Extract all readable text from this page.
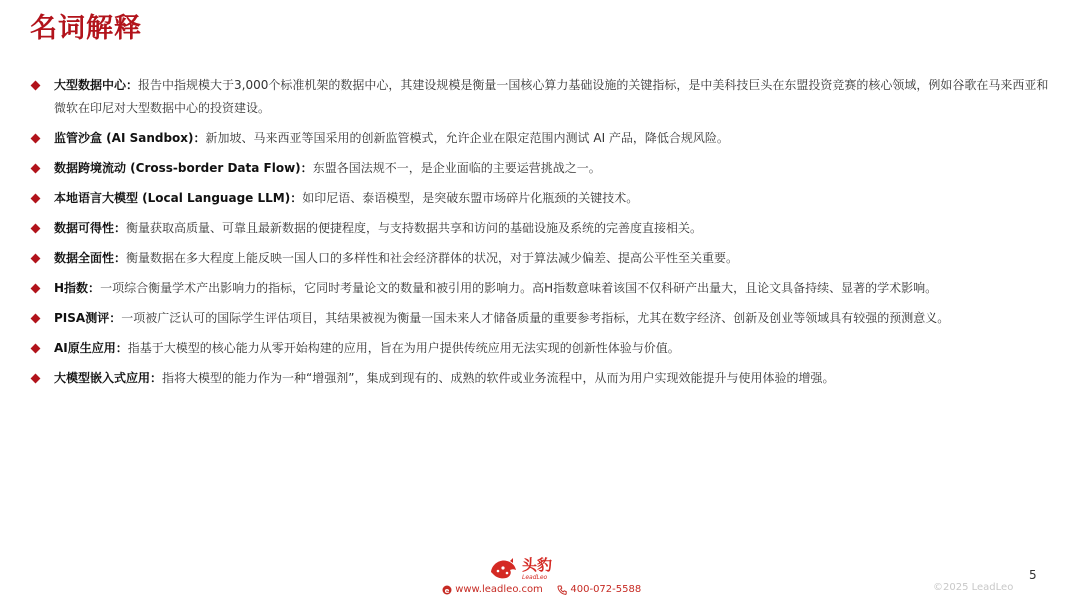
名词解释
大型数据中心：报告中指规模大于3,000个标准机架的数据中心，其建设规模是衡量一国核心算力基础设施的关键指标，是中美科技巨头在东盟投资竞赛的核心领域，例如谷歌在马来西亚和微软在印尼对大型数据中心的投资建设。
监管沙盒 (AI Sandbox)：新加坡、马来西亚等国采用的创新监管模式，允许企业在限定范围内测试 AI 产品，降低合规风险。
数据跨境流动 (Cross-border Data Flow)：东盟各国法规不一，是企业面临的主要运营挑战之一。
本地语言大模型 (Local Language LLM)：如印尼语、泰语模型，是突破东盟市场碎片化瓶颈的关键技术。
数据可得性：衡量获取高质量、可靠且最新数据的便捷程度，与支持数据共享和访问的基础设施及系统的完善度直接相关。
数据全面性：衡量数据在多大程度上能反映一国人口的多样性和社会经济群体的状况，对于算法减少偏差、提高公平性至关重要。
H指数：一项综合衡量学术产出影响力的指标，它同时考量论文的数量和被引用的影响力。高H指数意味着该国不仅科研产出量大，且论文具备持续、显著的学术影响。
PISA测评：一项被广泛认可的国际学生评估项目，其结果被视为衡量一国未来人才储备质量的重要参考指标，尤其在数字经济、创新及创业等领域具有较强的预测意义。
AI原生应用：指基于大模型的核心能力从零开始构建的应用，旨在为用户提供传统应用无法实现的创新性体验与价值。
大模型嵌入式应用：指将大模型的能力作为一种“增强剂”，集成到现有的、成熟的软件或业务流程中，从而为用户实现效能提升与使用体验的增强。
头豹
LeadLeo
e www.leadleo.com	400-072-5588
5
©2025 LeadLeo
